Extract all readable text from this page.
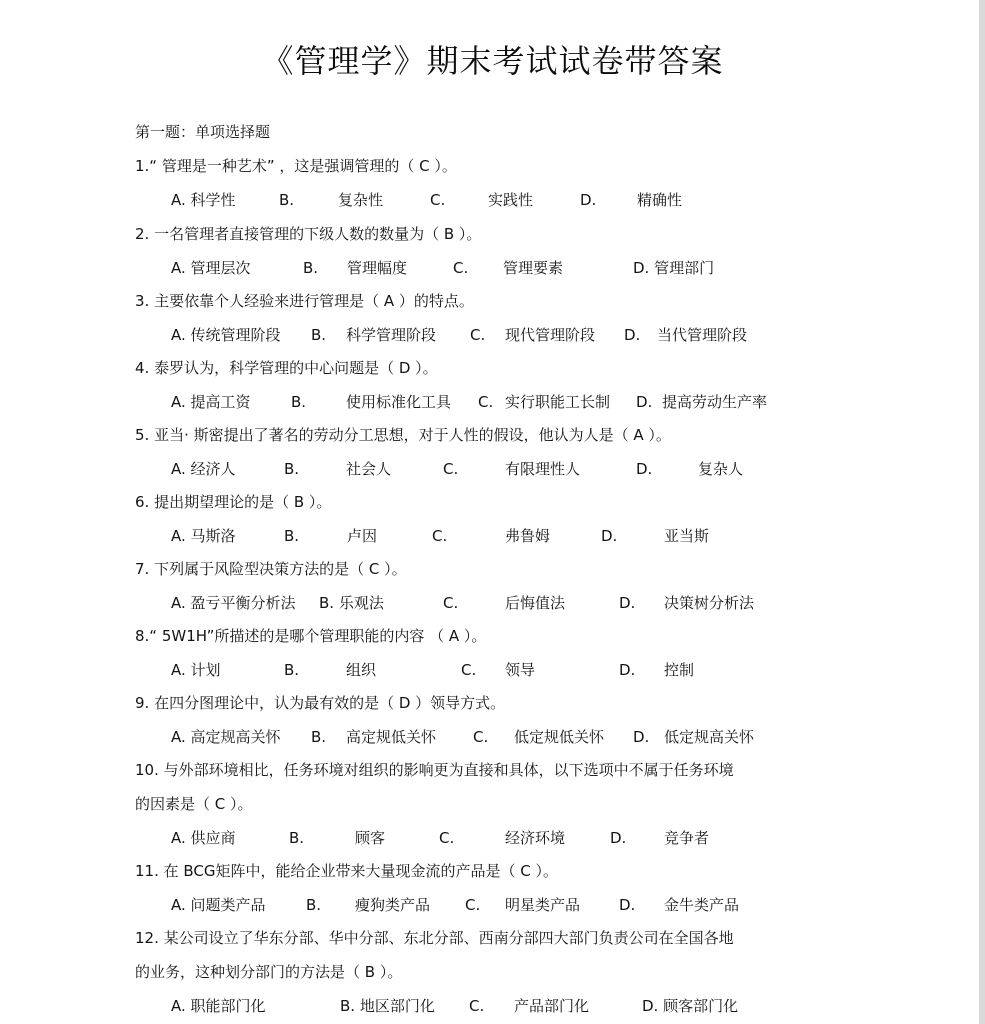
《管理学》期末考试试卷带答案
第一题：单项选择题
1.“ 管理是一种艺术” ，这是强调管理的（ C ）。
A. 科学性	B.	复杂性	C.	实践性	D.	精确性
2. 一名管理者直接管理的下级人数的数量为（ B ）。
A. 管理层次	B. 管理幅度	C. 管理要素	D. 管理部门
3. 主要依靠个人经验来进行管理是（ A ）的特点。
A. 传统管理阶段 B. 科学管理阶段 C. 现代管理阶段 D. 当代管理阶段
4. 泰罗认为，科学管理的中心问题是（ D ）。
A. 提高工资	B.	使用标准化工具 C. 实行职能工长制 D. 提高劳动生产率
5. 亚当· 斯密提出了著名的劳动分工思想，对于人性的假设，他认为人是（ A ）。
A. 经济人	B.	社会人	C.	有限理性人	D.	复杂人
6. 提出期望理论的是（ B ）。
A. 马斯洛	B.	卢因	C.	弗鲁姆	D.	亚当斯
7. 下列属于风险型决策方法的是（ C ）。
A. 盈亏平衡分析法 B. 乐观法	C.	后悔值法	D. 决策树分析法
8.“ 5W1H”所描述的是哪个管理职能的内容 （ A ）。
A. 计划	B.	组织	C. 领导	D. 控制
9. 在四分图理论中，认为最有效的是（ D ）领导方式。
A. 高定规高关怀 B. 高定规低关怀 C. 低定规低关怀 D. 低定规高关怀
10. 与外部环境相比，任务环境对组织的影响更为直接和具体，以下选项中不属于任务环境
的因素是（ C ）。
A. 供应商	B.	顾客	C.	经济环境	D.	竞争者
11. 在 BCG矩阵中，能给企业带来大量现金流的产品是（ C ）。
A. 问题类产品	B. 瘦狗类产品 C. 明星类产品	D. 金牛类产品
12. 某公司设立了华东分部、华中分部、东北分部、西南分部四大部门负责公司在全国各地
的业务，这种划分部门的方法是（ B ）。
A. 职能部门化	B. 地区部门化 C. 产品部门化	D. 顾客部门化
